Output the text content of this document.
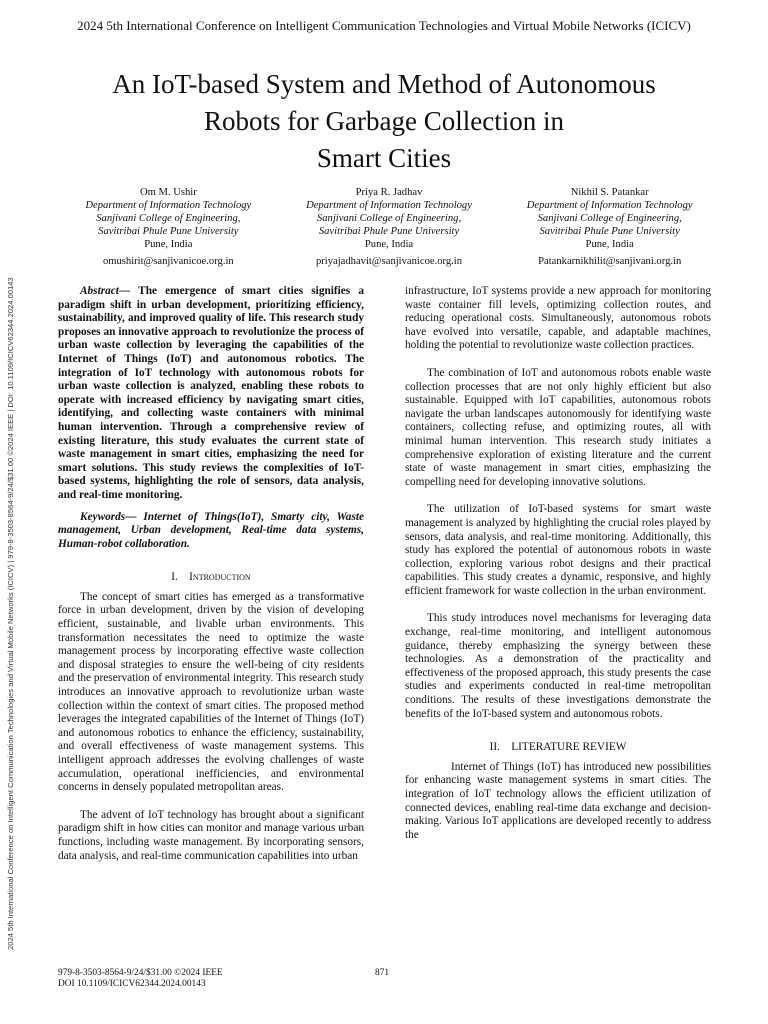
2024 5th International Conference on Intelligent Communication Technologies and Virtual Mobile Networks (ICICV)
2024 5th International Conference on Intelligent Communication Technologies and Virtual Mobile Networks (ICICV) | 979-8-3503-8564-9/24/$31.00 ©2024 IEEE | DOI: 10.1109/ICICV62344.2024.00143
An IoT-based System and Method of Autonomous
Robots for Garbage Collection in
Smart Cities
Om M. Ushir
Department of Information Technology
Sanjivani College of Engineering,
Savitribai Phule Pune University
Pune, India
omushirit@sanjivanicoe.org.in
Priya R. Jadhav
Department of Information Technology
Sanjivani College of Engineering,
Savitribai Phule Pune University
Pune, India
priyajadhavit@sanjivanicoe.org.in
Nikhil S. Patankar
Department of Information Technology
Sanjivani College of Engineering,
Savitribai Phule Pune University
Pune, India
Patankarnikhilit@sanjivani.org.in

Abstract— The emergence of smart cities signifies a paradigm shift in urban development, prioritizing efficiency, sustainability, and improved quality of life. This research study proposes an innovative approach to revolutionize the process of urban waste collection by leveraging the capabilities of the Internet of Things (IoT) and autonomous robotics. The integration of IoT technology with autonomous robots for urban waste collection is analyzed, enabling these robots to operate with increased efficiency by navigating smart cities, identifying, and collecting waste containers with minimal human intervention. Through a comprehensive review of existing literature, this study evaluates the current state of waste management in smart cities, emphasizing the need for smart solutions. This study reviews the complexities of IoT-based systems, highlighting the role of sensors, data analysis, and real-time monitoring.

Keywords— Internet of Things(IoT), Smarty city, Waste management, Urban development, Real-time data systems, Human-robot collaboration.

I. Introduction

The concept of smart cities has emerged as a transformative force in urban development, driven by the vision of developing efficient, sustainable, and livable urban environments. This transformation necessitates the need to optimize the waste management process by incorporating effective waste collection and disposal strategies to ensure the well-being of city residents and the preservation of environmental integrity. This research study introduces an innovative approach to revolutionize urban waste collection within the context of smart cities. The proposed method leverages the integrated capabilities of the Internet of Things (IoT) and autonomous robotics to enhance the efficiency, sustainability, and overall effectiveness of waste management systems. This intelligent approach addresses the evolving challenges of waste accumulation, operational inefficiencies, and environmental concerns in densely populated metropolitan areas.

The advent of IoT technology has brought about a significant paradigm shift in how cities can monitor and manage various urban functions, including waste management. By incorporating sensors, data analysis, and real-time communication capabilities into urban

infrastructure, IoT systems provide a new approach for monitoring waste container fill levels, optimizing collection routes, and reducing operational costs. Simultaneously, autonomous robots have evolved into versatile, capable, and adaptable machines, holding the potential to revolutionize waste collection practices.

The combination of IoT and autonomous robots enable waste collection processes that are not only highly efficient but also sustainable. Equipped with IoT capabilities, autonomous robots navigate the urban landscapes autonomously for identifying waste containers, collecting refuse, and optimizing routes, all with minimal human intervention. This research study initiates a comprehensive exploration of existing literature and the current state of waste management in smart cities, emphasizing the compelling need for developing innovative solutions.

The utilization of IoT-based systems for smart waste management is analyzed by highlighting the crucial roles played by sensors, data analysis, and real-time monitoring. Additionally, this study has explored the potential of autonomous robots in waste collection, exploring various robot designs and their practical capabilities. This study creates a dynamic, responsive, and highly efficient framework for waste collection in the urban environment.

This study introduces novel mechanisms for leveraging data exchange, real-time monitoring, and intelligent autonomous guidance, thereby emphasizing the synergy between these technologies. As a demonstration of the practicality and effectiveness of the proposed approach, this study presents the case studies and experiments conducted in real-time metropolitan conditions. The results of these investigations demonstrate the benefits of the IoT-based system and autonomous robots.

II. LITERATURE REVIEW

Internet of Things (IoT) has introduced new possibilities for enhancing waste management systems in smart cities. The integration of IoT technology allows the efficient utilization of connected devices, enabling real-time data exchange and decision-making. Various IoT applications are developed recently to address the

979-8-3503-8564-9/24/$31.00 ©2024 IEEE
DOI 10.1109/ICICV62344.2024.00143
871
